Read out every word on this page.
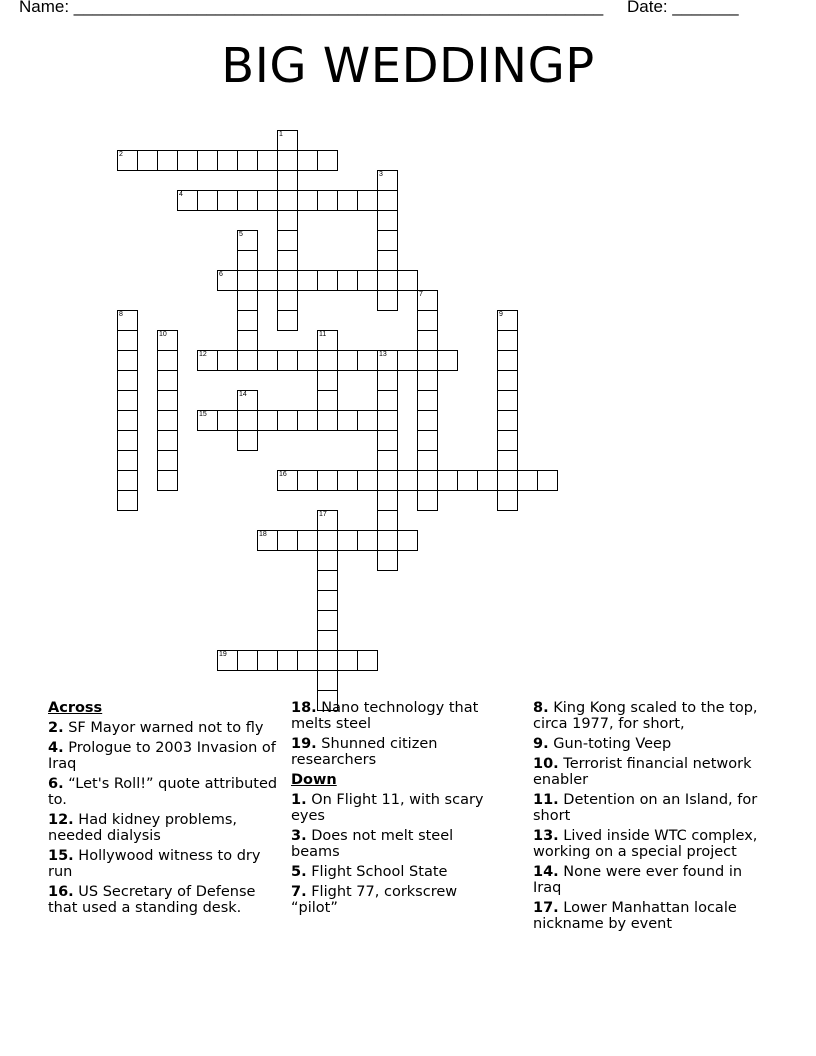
Name: ________________________________________________________ Date: _______
BIG WEDDINGP
1
2
3
4
5
6
7
8	9
10	11
12	13
14
15
16
17
18
19
Across
2. SF Mayor warned not to fly
4. Prologue to 2003 Invasion of Iraq
6. “Let's Roll!” quote attributed to.
12. Had kidney problems, needed dialysis
15. Hollywood witness to dry run
16. US Secretary of Defense that used a standing desk.
18. Nano technology that melts steel
19. Shunned citizen researchers
Down
1. On Flight 11, with scary eyes
3. Does not melt steel beams
5. Flight School State
7. Flight 77, corkscrew “pilot”
8. King Kong scaled to the top, circa 1977, for short,
9. Gun-toting Veep
10. Terrorist financial network enabler
11. Detention on an Island, for short
13. Lived inside WTC complex, working on a special project
14. None were ever found in Iraq
17. Lower Manhattan locale nickname by event
